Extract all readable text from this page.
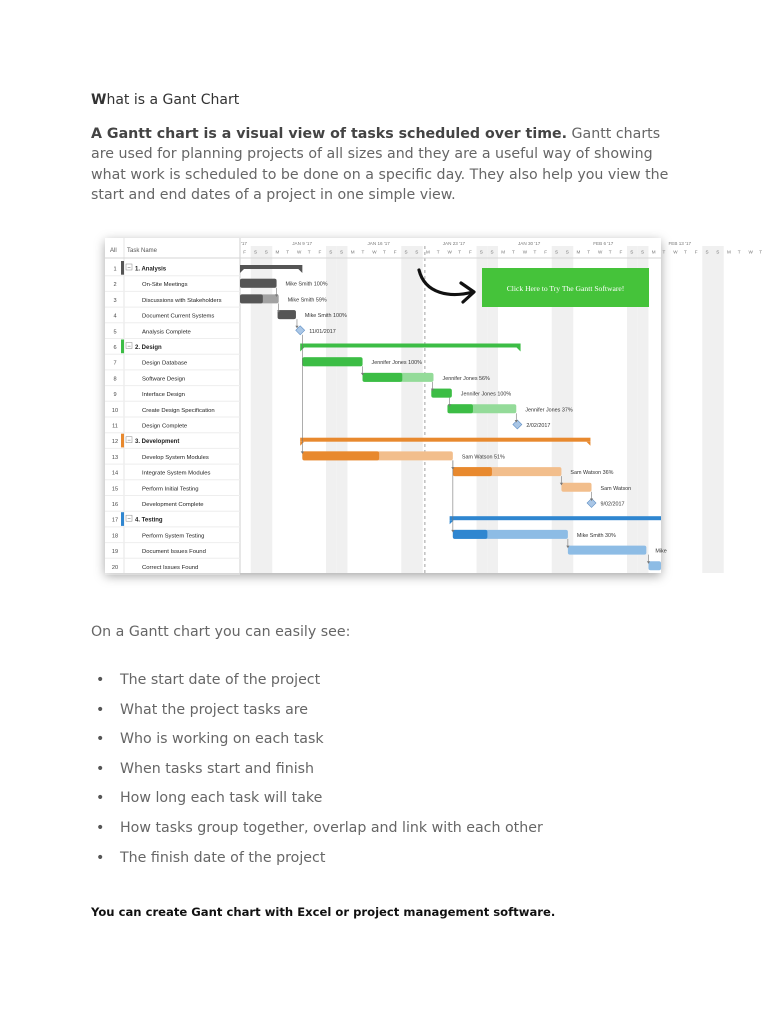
What is a Gant Chart

A Gantt chart is a visual view of tasks scheduled over time. Gantt charts are used for planning projects of all sizes and they are a useful way of showing what work is scheduled to be done on a specific day. They also help you view the start and end dates of a project in one simple view.

All Task Name
'17	JAN 9 '17	JAN 16 '17	JAN 23 '17	JAN 30 '17	FEB 6 '17	FEB 13 '17
F S S M T W T F S S M T W T F S S M T W T F S S M T W T F S S M T W T F S S M T W T F S S M T W T
1 − 1. Analysis
2	On-Site Meetings	Mike Smith 100%
3	Discussions with Stakeholders	Mike Smith 59%
4	Document Current Systems	Mike Smith 100%
5	Analysis Complete	11/01/2017
6 − 2. Design
7	Design Database	Jennifer Jones 100%
8	Software Design	Jennifer Jones 56%
9	Interface Design	Jennifer Jones 100%
10	Create Design Specification	Jennifer Jones 37%
11	Design Complete	2/02/2017
12 − 3. Development
13	Develop System Modules	Sam Watson 51%
14	Integrate System Modules	Sam Watson 36%
15	Perform Initial Testing	Sam Watson
16	Development Complete	9/02/2017
17 − 4. Testing
18	Perform System Testing	Mike Smith 30%
19	Document Issues Found	Mike
20	Correct Issues Found
Click Here to Try The Gantt Software!

On a Gantt chart you can easily see:

• The start date of the project
• What the project tasks are
• Who is working on each task
• When tasks start and finish
• How long each task will take
• How tasks group together, overlap and link with each other
• The finish date of the project

You can create Gant chart with Excel or project management software.
